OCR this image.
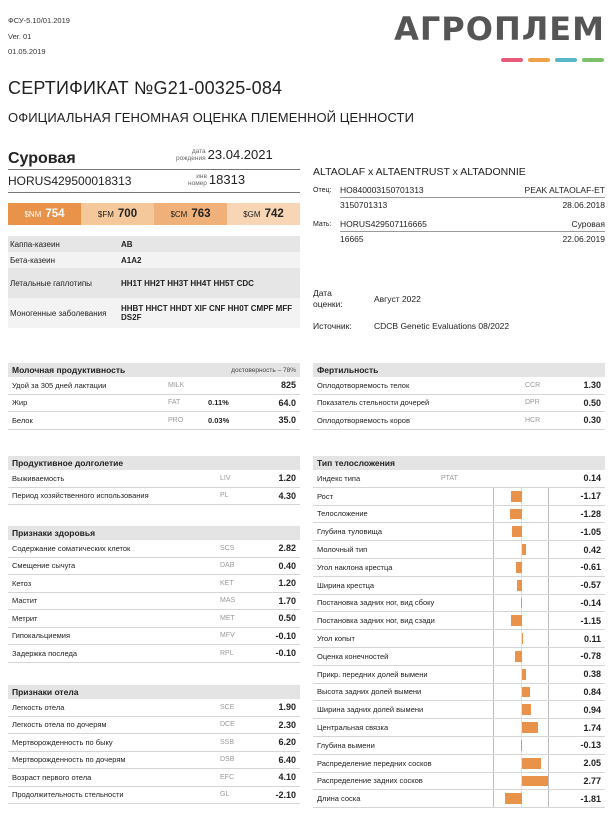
ФСУ-5.10/01.2019
Ver. 01
01.05.2019
АГРОПЛЕМ
СЕРТИФИКАТ №G21-00325-084
ОФИЦИАЛЬНАЯ ГЕНОМНАЯ ОЦЕНКА ПЛЕМЕННОЙ ЦЕННОСТИ
Суровая	дата
рождения 23.04.2021
HORUS429500018313	инв
номер 18313
$NM 754	$FM 700	$CM 763	$GM 742
Каппа-казеин	AB
Бета-казеин	A1A2
Летальные гаплотипы	HH1T HH2T HH3T HH4T HH5T CDC
Моногенные заболевания	HHBT HHCT HHDT XIF CNF HH0T CMPF MFF DS2F
ALTAOLAF x ALTAENTRUST x ALTADONNIE
Отец:	HO840003150701313	PEAK ALTAOLAF-ET
3150701313	28.06.2018
Мать:	HORUS429507116665	Суровая
16665	22.06.2019
Дата
оценки:	Август 2022
Источник:	CDCB Genetic Evaluations 08/2022
Молочная продуктивность	достоверность – 78%
Удой за 305 дней лактации	MILK	825
Жир	FAT	0.11%	64.0
Белок	PRO	0.03%	35.0
Фертильность
Оплодотворяемость телок	CCR	1.30
Показатель стельности дочерей	DPR	0.50
Оплодотворяемость коров	HCR	0.30
Продуктивное долголетие
Выживаемость	LIV	1.20
Период хозяйственного использования	PL	4.30
Признаки здоровья
Содержание соматических клеток	SCS	2.82
Смещение сычуга	DAB	0.40
Кетоз	KET	1.20
Мастит	MAS	1.70
Метрит	MET	0.50
Гипокальциемия	MFV	-0.10
Задержка последа	RPL	-0.10
Признаки отела
Легкость отела	SCE	1.90
Легкость отела по дочерям	DCE	2.30
Мертворожденность по быку	SSB	6.20
Мертворожденность по дочерям	DSB	6.40
Возраст первого отела	EFC	4.10
Продолжительность стельности	GL	-2.10
Тип телосложения
Индекс типа	PTAT	0.14
Рост	-1.17
Телосложение	-1.28
Глубина туловища	-1.05
Молочный тип	0.42
Угол наклона крестца	-0.61
Ширина крестца	-0.57
Постановка задних ног, вид сбоку	-0.14
Постановка задних ног, вид сзади	-1.15
Угол копыт	0.11
Оценка конечностей	-0.78
Прикр. передних долей вымени	0.38
Высота задних долей вымени	0.84
Ширина задних долей вымени	0.94
Центральная связка	1.74
Глубина вымени	-0.13
Распределение передних сосков	2.05
Распределение задних сосков	2.77
Длина соска	-1.81
